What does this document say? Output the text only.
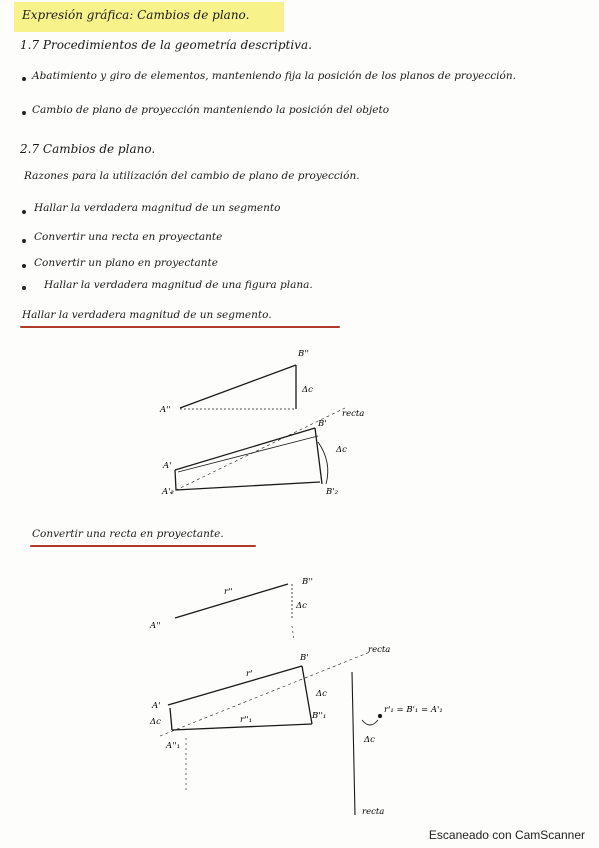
Expresión gráfica: Cambios de plano.
1.7 Procedimientos de la geometría descriptiva.
Abatimiento y giro de elementos, manteniendo fija la posición de los planos de proyección.
Cambio de plano de proyección manteniendo la posición del objeto
2.7 Cambios de plano.
Razones para la utilización del cambio de plano de proyección.
Hallar la verdadera magnitud de un segmento
Convertir una recta en proyectante
Convertir un plano en proyectante
Hallar la verdadera magnitud de una figura plana.
Hallar la verdadera magnitud de un segmento.
B''
A''
Δc
B'
recta
Δc
A'
A'₂	B'₂
Convertir una recta en proyectante.
r''
B''
A''
Δc
r'
B'
recta
A'
Δc	r''₁
Δc
B''₁
A''₁
r'₁ = B'₁ = A'₁
Δc
recta
Escaneado con CamScanner
